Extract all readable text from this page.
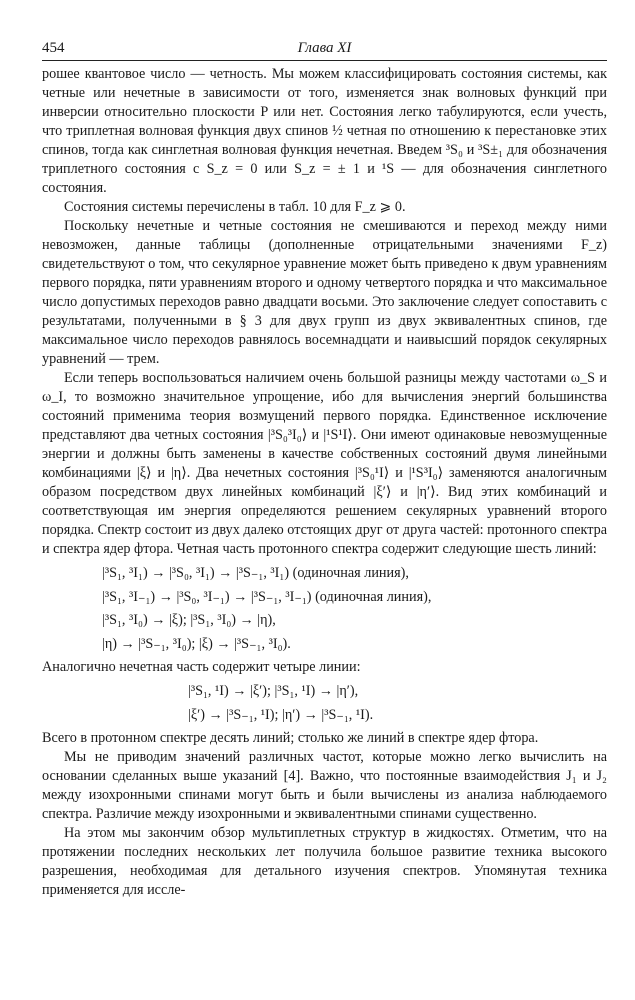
454	Глава XI

рошее квантовое число — четность. Мы можем классифицировать состояния системы, как четные или нечетные в зависимости от того, изменяется знак волновых функций при инверсии относительно плоскости P или нет. Состояния легко табулируются, если учесть, что триплетная волновая функция двух спинов ½ четная по отношению к перестановке этих спинов, тогда как синглетная волновая функция нечетная. Введем ³S₀ и ³S±₁ для обозначения триплетного состояния с S_z = 0 или S_z = ± 1 и ¹S — для обозначения синглетного состояния.

Состояния системы перечислены в табл. 10 для F_z ⩾ 0.

Поскольку нечетные и четные состояния не смешиваются и переход между ними невозможен, данные таблицы (дополненные отрицательными значениями F_z) свидетельствуют о том, что секулярное уравнение может быть приведено к двум уравнениям первого порядка, пяти уравнениям второго и одному четвертого порядка и что максимальное число допустимых переходов равно двадцати восьми. Это заключение следует сопоставить с результатами, полученными в § 3 для двух групп из двух эквивалентных спинов, где максимальное число переходов равнялось восемнадцати и наивысший порядок секулярных уравнений — трем.

Если теперь воспользоваться наличием очень большой разницы между частотами ω_S и ω_I, то возможно значительное упрощение, ибо для вычисления энергий большинства состояний применима теория возмущений первого порядка. Единственное исключение представляют два четных состояния |³S₀³I₀⟩ и |¹S¹I⟩. Они имеют одинаковые невозмущенные энергии и должны быть заменены в качестве собственных состояний двумя линейными комбинациями |ξ⟩ и |η⟩. Два нечетных состояния |³S₀¹I⟩ и |¹S³I₀⟩ заменяются аналогичным образом посредством двух линейных комбинаций |ξ′⟩ и |η′⟩. Вид этих комбинаций и соответствующая им энергия определяются решением секулярных уравнений второго порядка. Спектр состоит из двух далеко отстоящих друг от друга частей: протонного спектра и спектра ядер фтора. Четная часть протонного спектра содержит следующие шесть линий:

|³S₁, ³I₁) → |³S₀, ³I₁) → |³S₋₁, ³I₁) (одиночная линия),
|³S₁, ³I₋₁) → |³S₀, ³I₋₁) → |³S₋₁, ³I₋₁) (одиночная линия),
|³S₁, ³I₀) → |ξ); |³S₁, ³I₀) → |η),
|η) → |³S₋₁, ³I₀); |ξ) → |³S₋₁, ³I₀).

Аналогично нечетная часть содержит четыре линии:

|³S₁, ¹I) → |ξ′); |³S₁, ¹I) → |η′),
|ξ′) → |³S₋₁, ¹I); |η′) → |³S₋₁, ¹I).

Всего в протонном спектре десять линий; столько же линий в спектре ядер фтора.

Мы не приводим значений различных частот, которые можно легко вычислить на основании сделанных выше указаний [4]. Важно, что постоянные взаимодействия J₁ и J₂ между изохронными спинами могут быть и были вычислены из анализа наблюдаемого спектра. Различие между изохронными и эквивалентными спинами существенно.

На этом мы закончим обзор мультиплетных структур в жидкостях. Отметим, что на протяжении последних нескольких лет получила большое развитие техника высокого разрешения, необходимая для детального изучения спектров. Упомянутая техника применяется для иссле-
